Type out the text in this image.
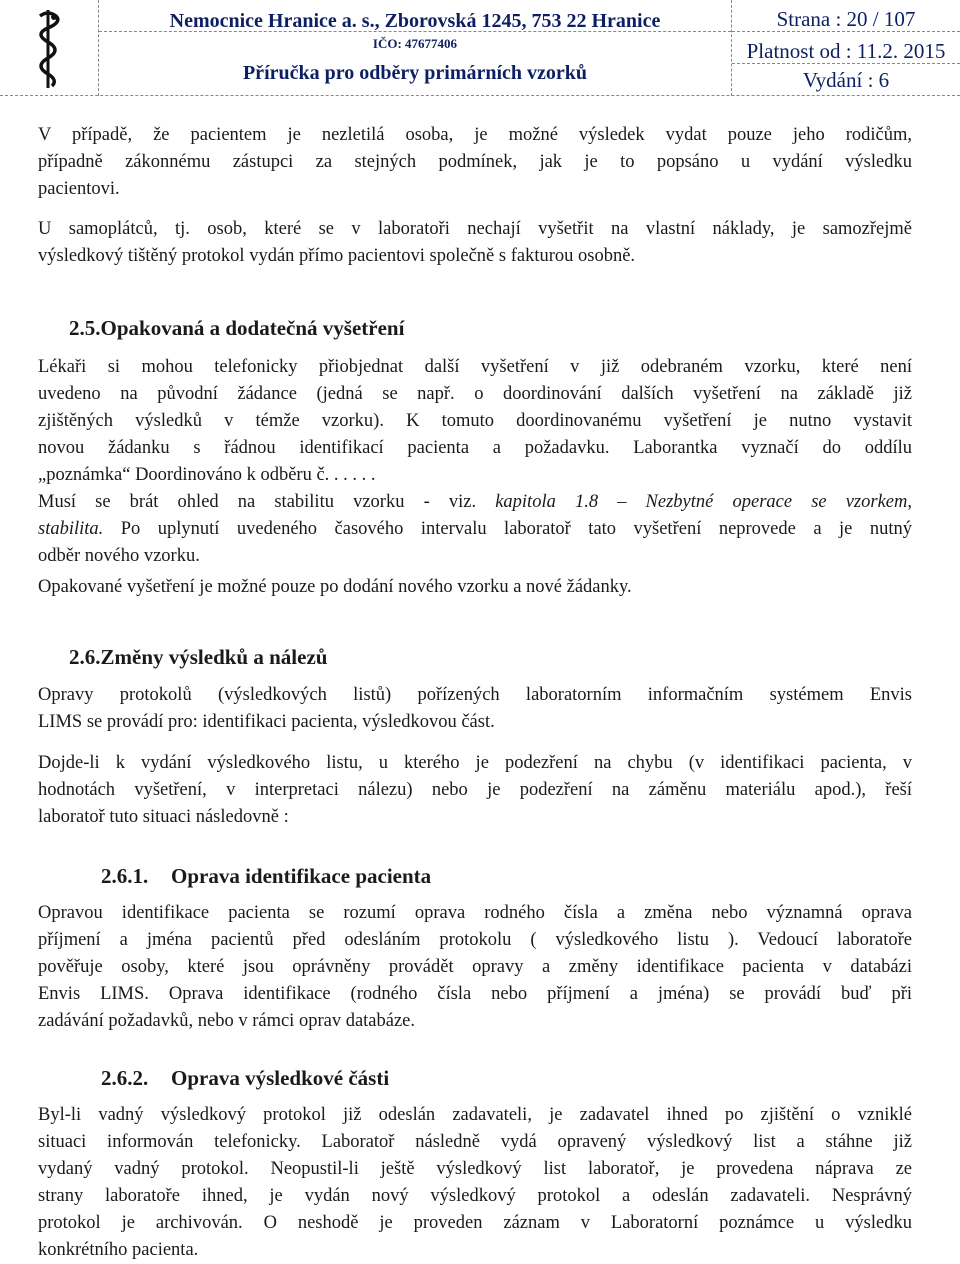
Nemocnice Hranice a. s., Zborovská 1245, 753 22 Hranice
IČO: 47677406
Příručka pro odběry primárních vzorků
Strana : 20 / 107
Platnost od : 11.2. 2015
Vydání : 6
V případě, že pacientem je nezletilá osoba, je možné výsledek vydat pouze jeho rodičům,
případně zákonnému zástupci za stejných podmínek, jak je to popsáno u vydání výsledku
pacientovi.
U samoplátců, tj. osob, které se v laboratoři nechají vyšetřit na vlastní náklady, je samozřejmě
výsledkový tištěný protokol vydán přímo pacientovi společně s fakturou osobně.
2.5.Opakovaná a dodatečná vyšetření
Lékaři si mohou telefonicky přiobjednat další vyšetření v již odebraném vzorku, které není
uvedeno na původní žádance (jedná se např. o doordinování dalších vyšetření na základě již
zjištěných výsledků v témže vzorku). K tomuto doordinovanému vyšetření je nutno vystavit
novou žádanku s řádnou identifikací pacienta a požadavku. Laborantka vyznačí do oddílu
„poznámka“ Doordinováno k odběru č. . . . . .
Musí se brát ohled na stabilitu vzorku - viz. kapitola 1.8 – Nezbytné operace se vzorkem,
stabilita. Po uplynutí uvedeného časového intervalu laboratoř tato vyšetření neprovede a je nutný
odběr nového vzorku.
Opakované vyšetření je možné pouze po dodání nového vzorku a nové žádanky.
2.6.Změny výsledků a nálezů
Opravy protokolů (výsledkových listů) pořízených laboratorním informačním systémem Envis
LIMS se provádí pro: identifikaci pacienta, výsledkovou část.
Dojde-li k vydání výsledkového listu, u kterého je podezření na chybu (v identifikaci pacienta, v
hodnotách vyšetření, v interpretaci nálezu) nebo je podezření na záměnu materiálu apod.), řeší
laboratoř tuto situaci následovně :
2.6.1. Oprava identifikace pacienta
Opravou identifikace pacienta se rozumí oprava rodného čísla a změna nebo významná oprava
příjmení a jména pacientů před odesláním protokolu ( výsledkového listu ). Vedoucí laboratoře
pověřuje osoby, které jsou oprávněny provádět opravy a změny identifikace pacienta v databázi
Envis LIMS. Oprava identifikace (rodného čísla nebo příjmení a jména) se provádí buď při
zadávání požadavků, nebo v rámci oprav databáze.
2.6.2. Oprava výsledkové části
Byl-li vadný výsledkový protokol již odeslán zadavateli, je zadavatel ihned po zjištění o vzniklé
situaci informován telefonicky. Laboratoř následně vydá opravený výsledkový list a stáhne již
vydaný vadný protokol. Neopustil-li ještě výsledkový list laboratoř, je provedena náprava ze
strany laboratoře ihned, je vydán nový výsledkový protokol a odeslán zadavateli. Nesprávný
protokol je archivován. O neshodě je proveden záznam v Laboratorní poznámce u výsledku
konkrétního pacienta.
